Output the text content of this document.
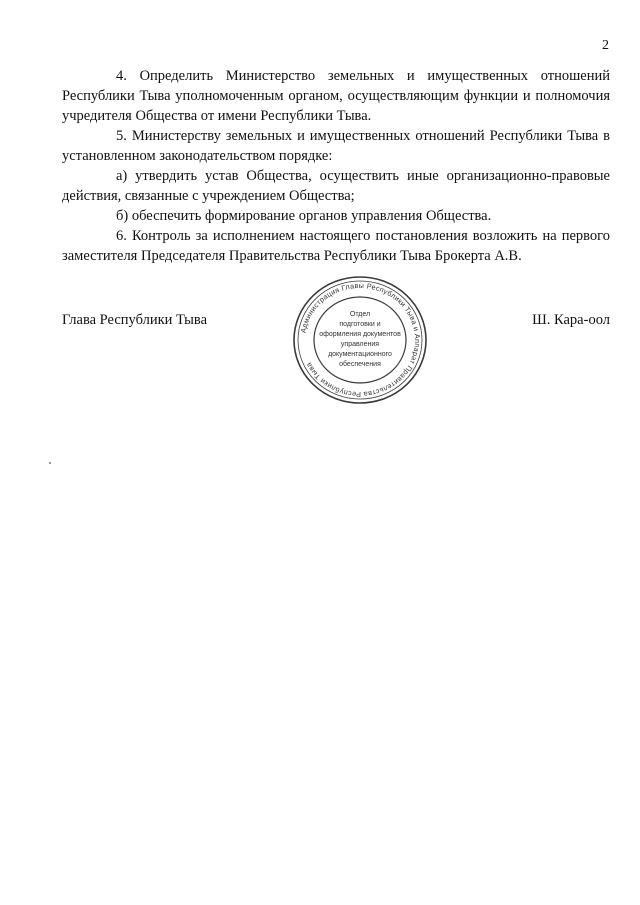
2

4. Определить Министерство земельных и имущественных отношений Республики Тыва уполномоченным органом, осуществляющим функции и полномочия учредителя Общества от имени Республики Тыва.

5. Министерству земельных и имущественных отношений Республики Тыва в установленном законодательством порядке:

а) утвердить устав Общества, осуществить иные организационно-правовые действия, связанные с учреждением Общества;

б) обеспечить формирование органов управления Общества.

6. Контроль за исполнением настоящего постановления возложить на первого заместителя Председателя Правительства Республики Тыва Брокерта А.В.

Глава Республики Тыва	Ш. Кара-оол
Администрация Главы Республики Тыва и Аппарат Правительства Республики Тыва
Отдел
подготовки и
оформления документов
управления
документационного
обеспечения
